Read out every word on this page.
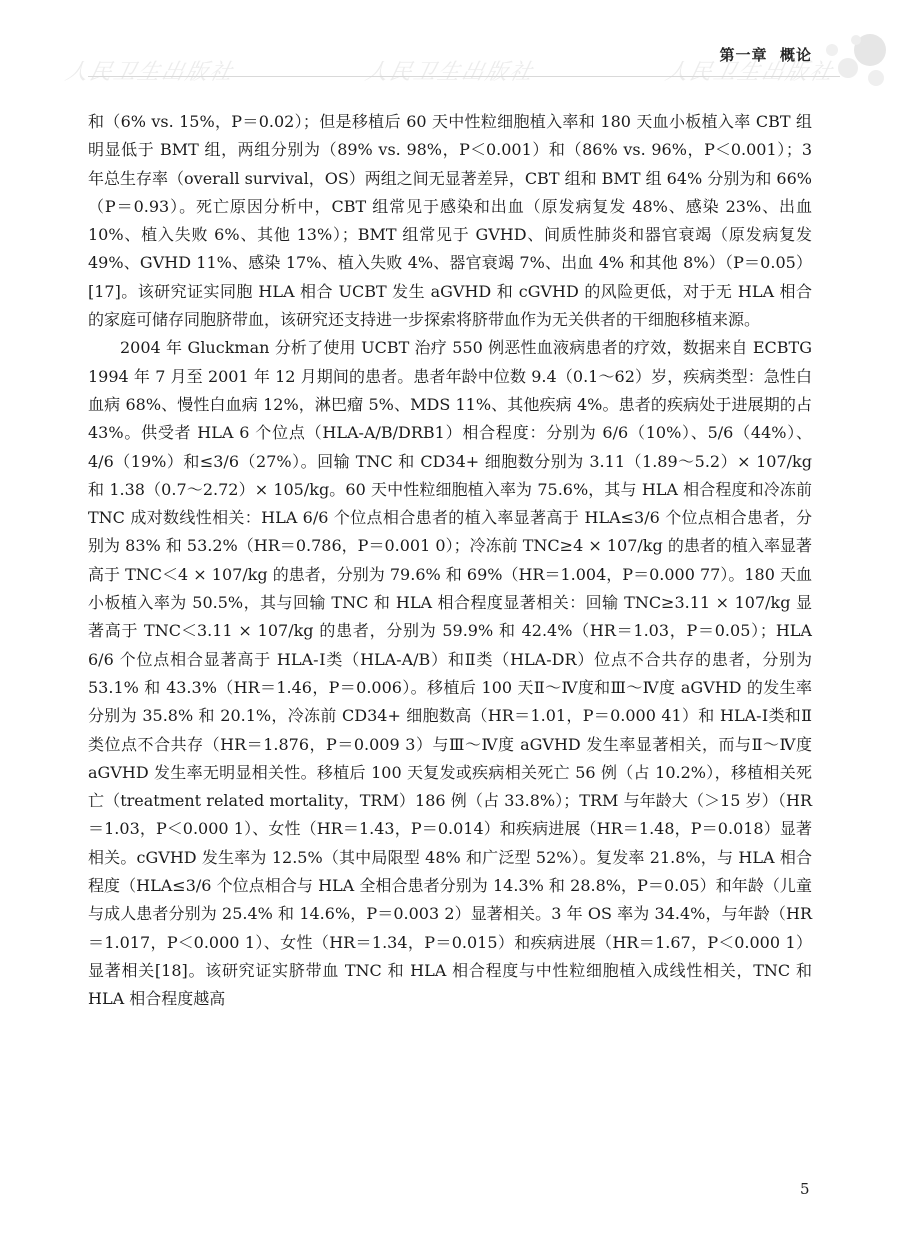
人民卫生出版社	人民卫生出版社	人民卫生出版社
第一章 概论

和（6% vs. 15%，P＝0.02）；但是移植后 60 天中性粒细胞植入率和 180 天血小板植入率 CBT 组明显低于 BMT 组，两组分别为（89% vs. 98%，P＜0.001）和（86% vs. 96%，P＜0.001）；3 年总生存率（overall survival，OS）两组之间无显著差异，CBT 组和 BMT 组 64% 分别为和 66%（P＝0.93）。死亡原因分析中，CBT 组常见于感染和出血（原发病复发 48%、感染 23%、出血 10%、植入失败 6%、其他 13%）；BMT 组常见于 GVHD、间质性肺炎和器官衰竭（原发病复发 49%、GVHD 11%、感染 17%、植入失败 4%、器官衰竭 7%、出血 4% 和其他 8%）（P＝0.05）[17]。该研究证实同胞 HLA 相合 UCBT 发生 aGVHD 和 cGVHD 的风险更低，对于无 HLA 相合的家庭可储存同胞脐带血，该研究还支持进一步探索将脐带血作为无关供者的干细胞移植来源。

2004 年 Gluckman 分析了使用 UCBT 治疗 550 例恶性血液病患者的疗效，数据来自 ECBTG 1994 年 7 月至 2001 年 12 月期间的患者。患者年龄中位数 9.4（0.1～62）岁，疾病类型：急性白血病 68%、慢性白血病 12%，淋巴瘤 5%、MDS 11%、其他疾病 4%。患者的疾病处于进展期的占 43%。供受者 HLA 6 个位点（HLA-A/B/DRB1）相合程度：分别为 6/6（10%）、5/6（44%）、4/6（19%）和≤3/6（27%）。回输 TNC 和 CD34+ 细胞数分别为 3.11（1.89～5.2）× 107/kg 和 1.38（0.7～2.72）× 105/kg。60 天中性粒细胞植入率为 75.6%，其与 HLA 相合程度和冷冻前 TNC 成对数线性相关：HLA 6/6 个位点相合患者的植入率显著高于 HLA≤3/6 个位点相合患者，分别为 83% 和 53.2%（HR＝0.786，P＝0.001 0）；冷冻前 TNC≥4 × 107/kg 的患者的植入率显著高于 TNC＜4 × 107/kg 的患者，分别为 79.6% 和 69%（HR＝1.004，P＝0.000 77）。180 天血小板植入率为 50.5%，其与回输 TNC 和 HLA 相合程度显著相关：回输 TNC≥3.11 × 107/kg 显著高于 TNC＜3.11 × 107/kg 的患者，分别为 59.9% 和 42.4%（HR＝1.03，P＝0.05）；HLA 6/6 个位点相合显著高于 HLA-Ⅰ类（HLA-A/B）和Ⅱ类（HLA-DR）位点不合共存的患者，分别为 53.1% 和 43.3%（HR＝1.46，P＝0.006）。移植后 100 天Ⅱ～Ⅳ度和Ⅲ～Ⅳ度 aGVHD 的发生率分别为 35.8% 和 20.1%，冷冻前 CD34+ 细胞数高（HR＝1.01，P＝0.000 41）和 HLA-Ⅰ类和Ⅱ类位点不合共存（HR＝1.876，P＝0.009 3）与Ⅲ～Ⅳ度 aGVHD 发生率显著相关，而与Ⅱ～Ⅳ度 aGVHD 发生率无明显相关性。移植后 100 天复发或疾病相关死亡 56 例（占 10.2%），移植相关死亡（treatment related mortality，TRM）186 例（占 33.8%）；TRM 与年龄大（＞15 岁）（HR＝1.03，P＜0.000 1）、女性（HR＝1.43，P＝0.014）和疾病进展（HR＝1.48，P＝0.018）显著相关。cGVHD 发生率为 12.5%（其中局限型 48% 和广泛型 52%）。复发率 21.8%，与 HLA 相合程度（HLA≤3/6 个位点相合与 HLA 全相合患者分别为 14.3% 和 28.8%，P＝0.05）和年龄（儿童与成人患者分别为 25.4% 和 14.6%，P＝0.003 2）显著相关。3 年 OS 率为 34.4%，与年龄（HR＝1.017，P＜0.000 1）、女性（HR＝1.34，P＝0.015）和疾病进展（HR＝1.67，P＜0.000 1）显著相关[18]。该研究证实脐带血 TNC 和 HLA 相合程度与中性粒细胞植入成线性相关，TNC 和 HLA 相合程度越高

5
